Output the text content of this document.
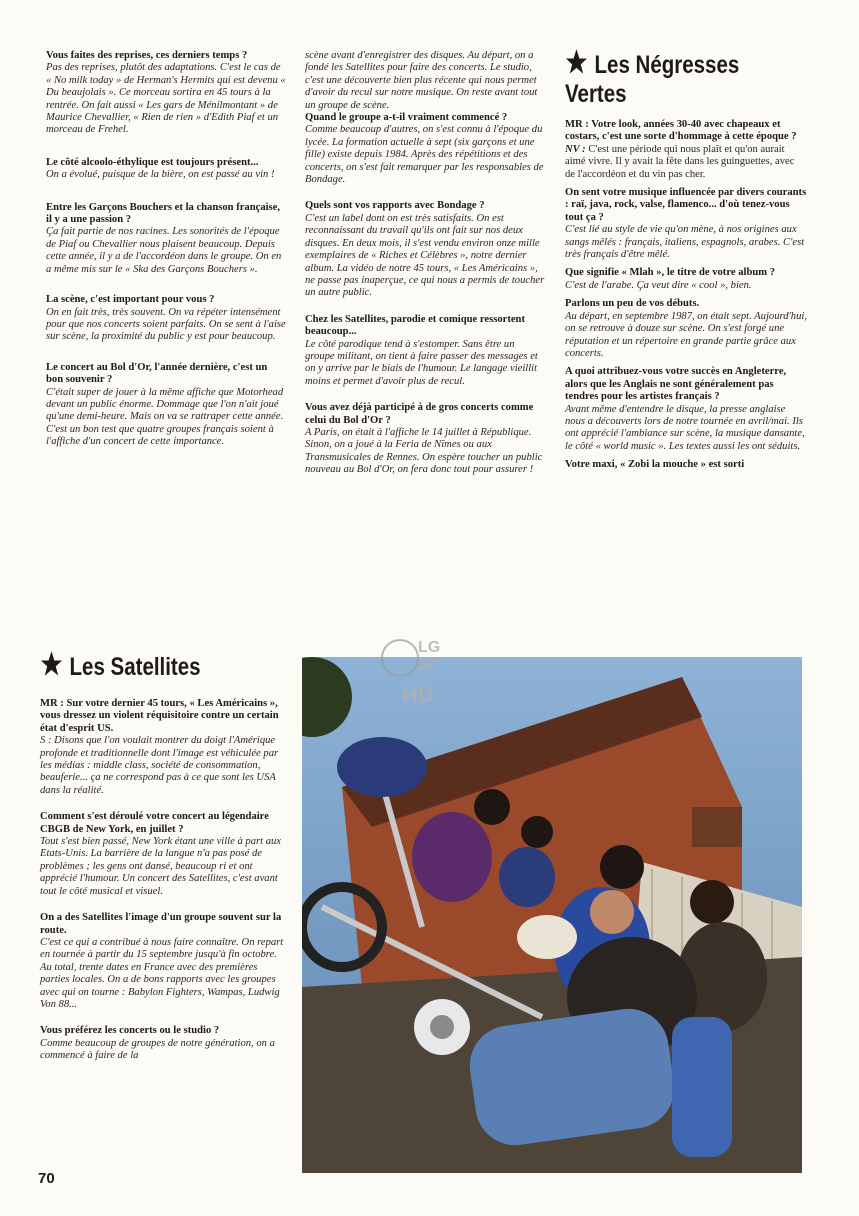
Vous faites des reprises, ces derniers temps ?

Pas des reprises, plutôt des adaptations. C'est le cas de « No milk today » de Herman's Hermits qui est devenu « Du beaujolais ». Ce morceau sortira en 45 tours à la rentrée. On fait aussi « Les gars de Ménilmontant » de Maurice Chevallier, « Rien de rien » d'Edith Piaf et un morceau de Frehel.

Le côté alcoolo-éthylique est toujours présent...

On a évolué, puisque de la bière, on est passé au vin !

Entre les Garçons Bouchers et la chanson française, il y a une passion ?

Ça fait partie de nos racines. Les sonorités de l'époque de Piaf ou Chevallier nous plaisent beaucoup. Depuis cette année, il y a de l'accordéon dans le groupe. On en a même mis sur le « Ska des Garçons Bouchers ».

La scène, c'est important pour vous ?

On en fait très, très souvent. On va répéter intensément pour que nos concerts soient parfaits. On se sent à l'aise sur scène, la proximité du public y est pour beaucoup.

Le concert au Bol d'Or, l'année dernière, c'est un bon souvenir ?

C'était super de jouer à la même affiche que Motorhead devant un public énorme. Dommage que l'on n'ait joué qu'une demi-heure. Mais on va se rattraper cette année. C'est un bon test que quatre groupes français soient à l'affiche d'un concert de cette importance.

scène avant d'enregistrer des disques. Au départ, on a fondé les Satellites pour faire des concerts. Le studio, c'est une découverte bien plus récente qui nous permet d'avoir du recul sur notre musique. On reste avant tout un groupe de scène.

Quand le groupe a-t-il vraiment commencé ?

Comme beaucoup d'autres, on s'est connu à l'époque du lycée. La formation actuelle à sept (six garçons et une fille) existe depuis 1984. Après des répétitions et des concerts, on s'est fait remarquer par les responsables de Bondage.

Quels sont vos rapports avec Bondage ?

C'est un label dont on est très satisfaits. On est reconnaissant du travail qu'ils ont fait sur nos deux disques. En deux mois, il s'est vendu environ onze mille exemplaires de « Riches et Célèbres », notre dernier album. La vidéo de notre 45 tours, « Les Américains », ne passe pas inaperçue, ce qui nous a permis de toucher un autre public.

Chez les Satellites, parodie et comique ressortent beaucoup...

Le côté parodique tend à s'estomper. Sans être un groupe militant, on tient à faire passer des messages et on y arrive par le biais de l'humour. Le langage vieillit moins et permet d'avoir plus de recul.

Vous avez déjà participé à de gros concerts comme celui du Bol d'Or ?

A Paris, on était à l'affiche le 14 juillet à République. Sinon, on a joué à la Feria de Nîmes ou aux Transmusicales de Rennes. On espère toucher un public nouveau au Bol d'Or, on fera donc tout pour assurer !

Les Négresses Vertes

MR : Votre look, années 30-40 avec chapeaux et costars, c'est une sorte d'hommage à cette époque ?

NV : C'est une période qui nous plaît et qu'on aurait aimé vivre. Il y avait la fête dans les guinguettes, avec de l'accordéon et du vin pas cher.

On sent votre musique influencée par divers courants : raï, java, rock, valse, flamenco... d'où tenez-vous tout ça ?

C'est lié au style de vie qu'on mène, à nos origines aux sangs mêlés : français, italiens, espagnols, arabes. C'est très français d'être mêlé.

Que signifie « Mlah », le titre de votre album ?

C'est de l'arabe. Ça veut dire « cool », bien.

Parlons un peu de vos débuts.

Au départ, en septembre 1987, on était sept. Aujourd'hui, on se retrouve à douze sur scène. On s'est forgé une réputation et un répertoire en grande partie grâce aux concerts.

A quoi attribuez-vous votre succès en Angleterre, alors que les Anglais ne sont généralement pas tendres pour les artistes français ?

Avant même d'entendre le disque, la presse anglaise nous a découverts lors de notre tournée en avril/mai. Ils ont apprécié l'ambiance sur scène, la musique dansante, le côté « world music ». Les textes aussi les ont séduits.

Votre maxi, « Zobi la mouche » est sorti

Les Satellites

MR : Sur votre dernier 45 tours, « Les Américains », vous dressez un violent réquisitoire contre un certain état d'esprit US.

S : Disons que l'on voulait montrer du doigt l'Amérique profonde et traditionnelle dont l'image est véhiculée par les médias : middle class, société de consommation, beauferie... ça ne correspond pas à ce que sont les USA dans la réalité.

Comment s'est déroulé votre concert au légendaire CBGB de New York, en juillet ?

Tout s'est bien passé, New York étant une ville à part aux Etats-Unis. La barrière de la langue n'a pas posé de problèmes ; les gens ont dansé, beaucoup ri et ont apprécié l'humour. Un concert des Satellites, c'est avant tout le côté musical et visuel.

On a des Satellites l'image d'un groupe souvent sur la route.

C'est ce qui a contribué à nous faire connaître. On repart en tournée à partir du 15 septembre jusqu'à fin octobre. Au total, trente dates en France avec des premières parties locales. On a de bons rapports avec les groupes avec qui on tourne : Babylon Fighters, Wampas, Ludwig Von 88...

Vous préférez les concerts ou le studio ?

Comme beaucoup de groupes de notre génération, on a commencé à faire de la

LG
JP
HD
70
